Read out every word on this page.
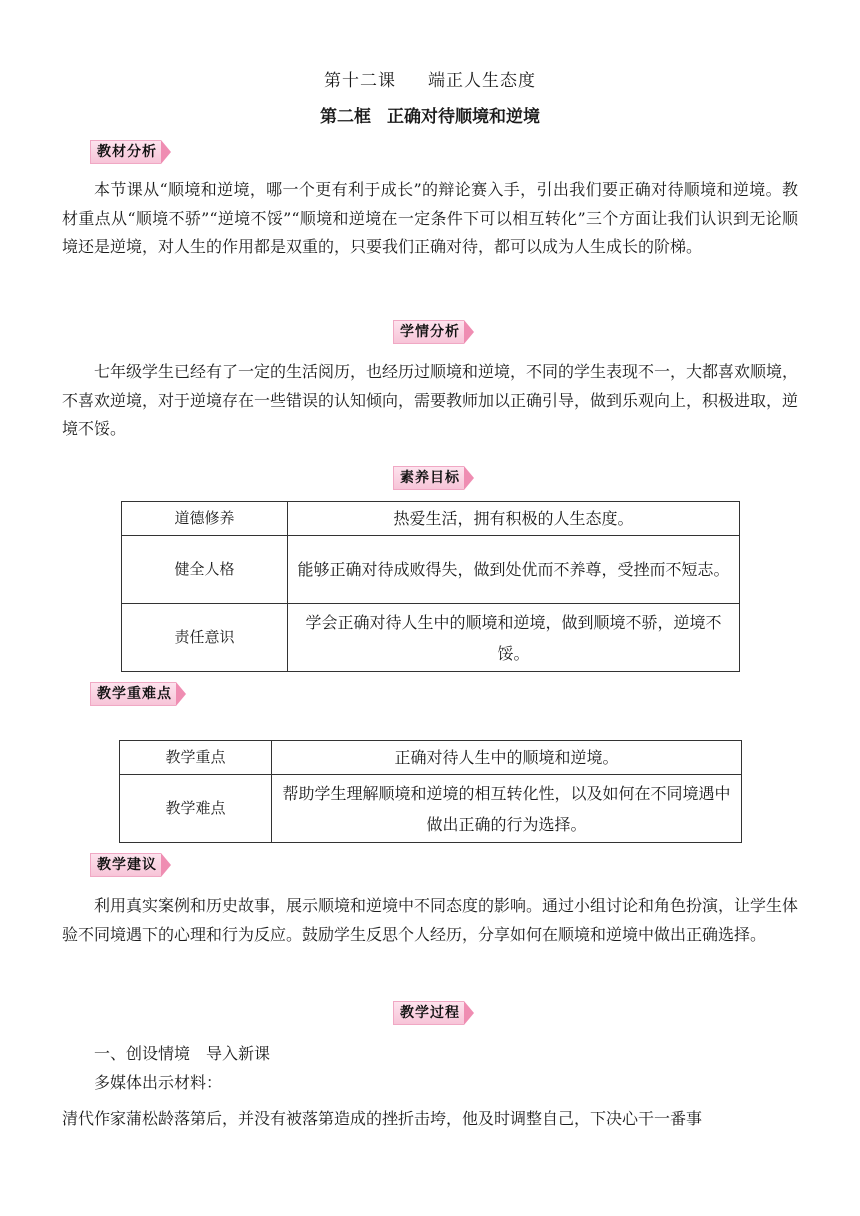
第十二课 端正人生态度
第二框 正确对待顺境和逆境
教材分析

本节课从“顺境和逆境，哪一个更有利于成长”的辩论赛入手，引出我们要正确对待顺境和逆境。教材重点从“顺境不骄”“逆境不馁”“顺境和逆境在一定条件下可以相互转化”三个方面让我们认识到无论顺境还是逆境，对人生的作用都是双重的，只要我们正确对待，都可以成为人生成长的阶梯。

学情分析

七年级学生已经有了一定的生活阅历，也经历过顺境和逆境，不同的学生表现不一，大都喜欢顺境，不喜欢逆境，对于逆境存在一些错误的认知倾向，需要教师加以正确引导，做到乐观向上，积极进取，逆境不馁。

素养目标
道德修养	热爱生活，拥有积极的人生态度。
健全人格	能够正确对待成败得失，做到处优而不养尊，受挫而不短志。
责任意识	学会正确对待人生中的顺境和逆境，做到顺境不骄，逆境不馁。
教学重难点
教学重点	正确对待人生中的顺境和逆境。
教学难点	帮助学生理解顺境和逆境的相互转化性，以及如何在不同境遇中做出正确的行为选择。
教学建议

利用真实案例和历史故事，展示顺境和逆境中不同态度的影响。通过小组讨论和角色扮演，让学生体验不同境遇下的心理和行为反应。鼓励学生反思个人经历，分享如何在顺境和逆境中做出正确选择。

教学过程

一、创设情境 导入新课

多媒体出示材料：

清代作家蒲松龄落第后，并没有被落第造成的挫折击垮，他及时调整自己，下决心干一番事
